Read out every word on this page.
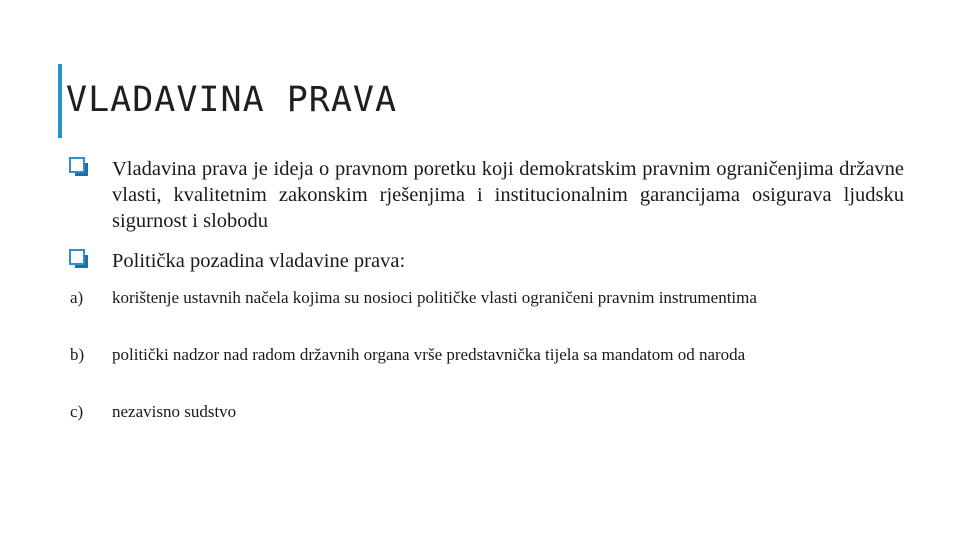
VLADAVINA PRAVA
Vladavina prava je ideja o pravnom poretku koji demokratskim pravnim ograničenjima državne vlasti, kvalitetnim zakonskim rješenjima i institucionalnim garancijama osigurava ljudsku sigurnost i slobodu
Politička pozadina vladavine prava:
a) korištenje ustavnih načela kojima su nosioci političke vlasti ograničeni pravnim instrumentima
b) politički nadzor nad radom državnih organa vrše predstavnička tijela sa mandatom od naroda
c) nezavisno sudstvo
